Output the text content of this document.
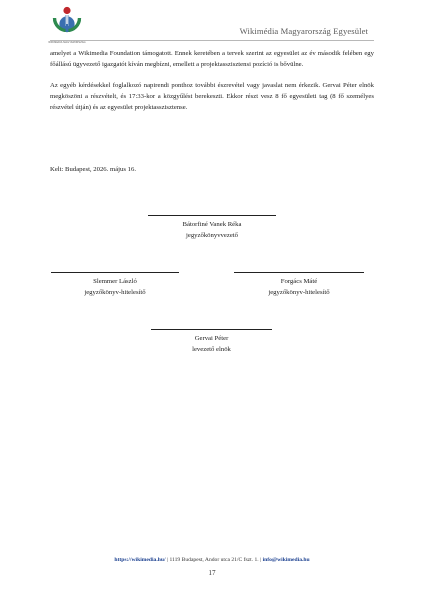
WIKIMÉDIA MAGYARORSZÁG
Wikimédia Magyarország Egyesület

amelyet a Wikimedia Foundation támogatott. Ennek keretében a tervek szerint az egyesület az év második felében egy főállású ügyvezető igazgatót kíván megbízni, emellett a projektasszisztensi pozíció is bővülne.

Az egyéb kérdésekkel foglalkozó napirendi ponthoz további észrevétel vagy javaslat nem érkezik. Gervai Péter elnök megköszöni a részvételt, és 17:33-kor a közgyűlést berekeszti. Ekkor részt vesz 8 fő egyesületi tag (8 fő személyes részvétel útján) és az egyesület projektasszisztense.

Kelt: Budapest, 2026. május 16.
Bátorfiné Vanek Réka
jegyzőkönyvvezető
Slemmer László
jegyzőkönyv-hitelesítő
Forgács Máté
jegyzőkönyv-hitelesítő
Gervai Péter
levezető elnök
https://wikimedia.hu/ | 1119 Budapest, Andor utca 21/C fszt. 1. | info@wikimedia.hu
17
